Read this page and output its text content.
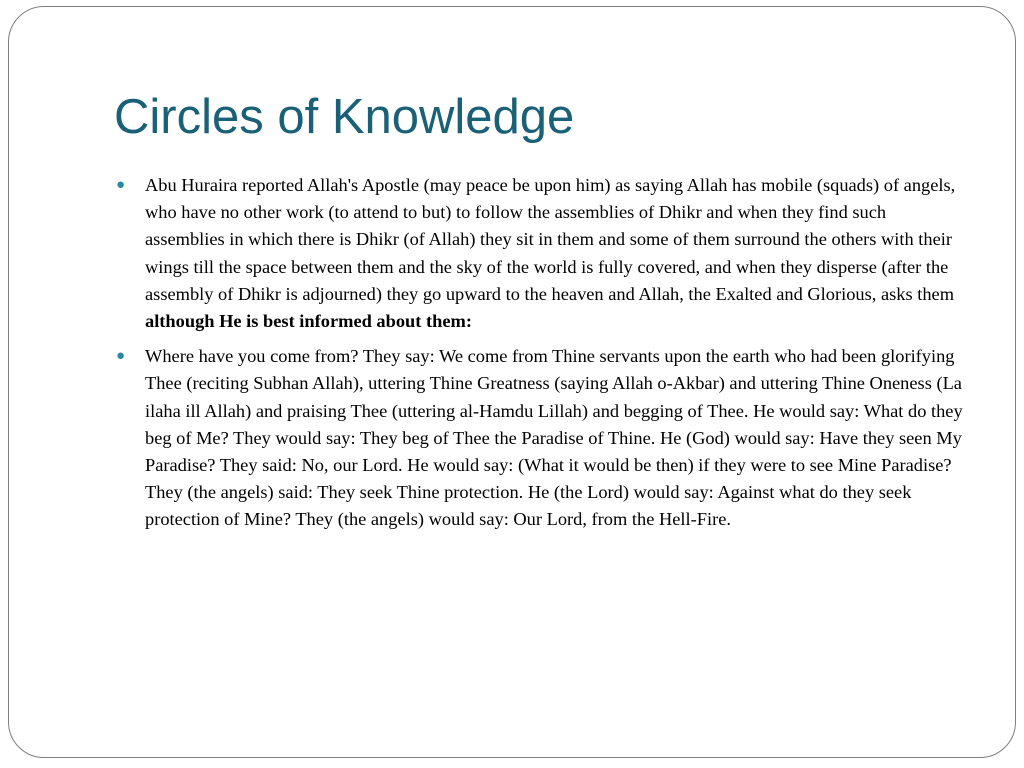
Circles of Knowledge
● Abu Huraira reported Allah's Apostle (may peace be upon him) as saying Allah has mobile (squads) of angels, who have no other work (to attend to but) to follow the assemblies of Dhikr and when they find such assemblies in which there is Dhikr (of Allah) they sit in them and some of them surround the others with their wings till the space between them and the sky of the world is fully covered, and when they disperse (after the assembly of Dhikr is adjourned) they go upward to the heaven and Allah, the Exalted and Glorious, asks them although He is best informed about them:
● Where have you come from? They say: We come from Thine servants upon the earth who had been glorifying Thee (reciting Subhan Allah), uttering Thine Greatness (saying Allah o-Akbar) and uttering Thine Oneness (La ilaha ill Allah) and praising Thee (uttering al-Hamdu Lillah) and begging of Thee. He would say: What do they beg of Me? They would say: They beg of Thee the Paradise of Thine. He (God) would say: Have they seen My Paradise? They said: No, our Lord. He would say: (What it would be then) if they were to see Mine Paradise? They (the angels) said: They seek Thine protection. He (the Lord) would say: Against what do they seek protection of Mine? They (the angels) would say: Our Lord, from the Hell-Fire.
